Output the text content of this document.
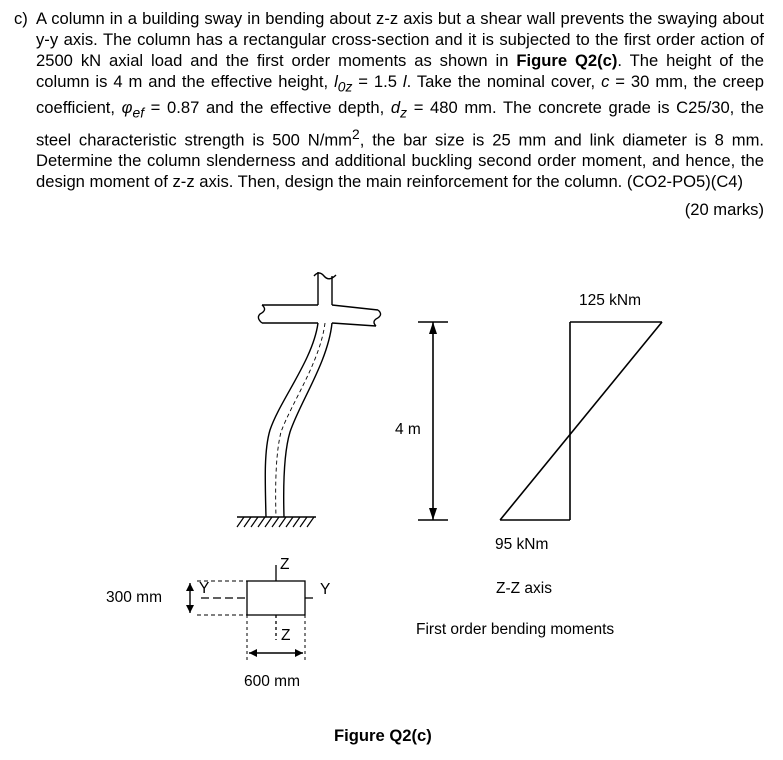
c) A column in a building sway in bending about z-z axis but a shear wall prevents the swaying about y-y axis. The column has a rectangular cross-section and it is subjected to the first order action of 2500 kN axial load and the first order moments as shown in Figure Q2(c). The height of the column is 4 m and the effective height, $l_{0z} = 1.5$ l. Take the nominal cover, c = 30 mm, the creep coefficient, $\varphi_{ef} = 0.87$ and the effective depth, $d_z = 480$ mm. The concrete grade is C25/30, the steel characteristic strength is 500 $N/mm^2$, the bar size is 25 mm and link diameter is 8 mm. Determine the column slenderness and additional buckling second order moment, and hence, the design moment of z-z axis. Then, design the main reinforcement for the column. (CO2-PO5)(C4)
(20 marks)
4 m
125 kNm
95 kNm
Z-Z axis
First order bending moments
300 mm
600 mm
Z
Z
Y	Y
Figure Q2(c)
